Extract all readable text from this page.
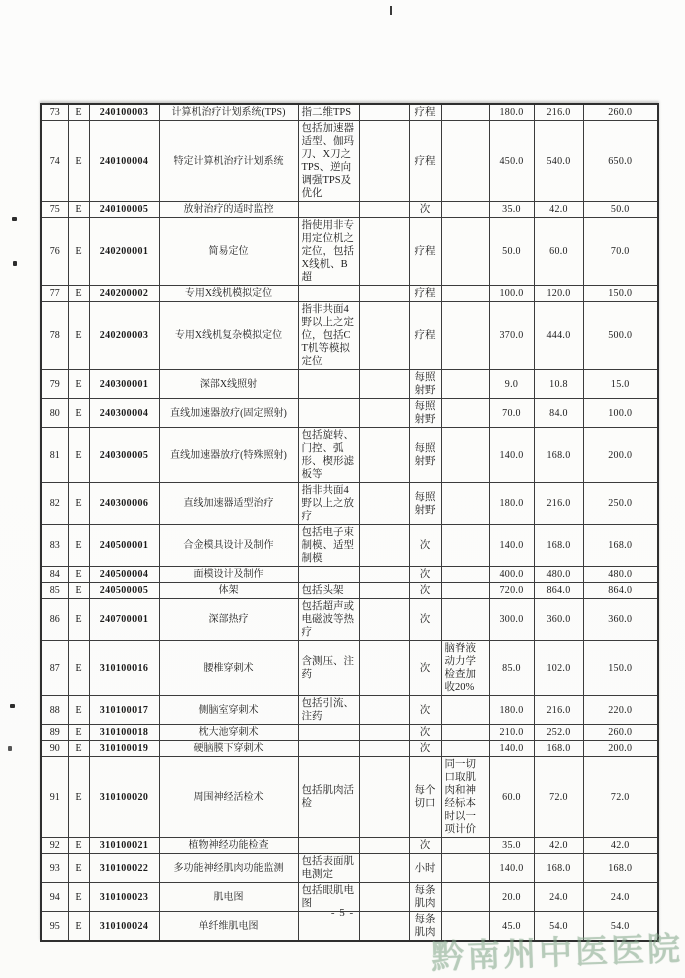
73	E	240100003	计算机治疗计划系统(TPS)	指二维TPS		疗程		180.0	216.0	260.0
74	E	240100004	特定计算机治疗计划系统	包括加速器适型、伽玛刀、X刀之TPS、逆向调强TPS及优化		疗程		450.0	540.0	650.0
75	E	240100005	放射治疗的适时监控			次		35.0	42.0	50.0
76	E	240200001	简易定位	指使用非专用定位机之定位，包括X线机、B超		疗程		50.0	60.0	70.0
77	E	240200002	专用X线机模拟定位			疗程		100.0	120.0	150.0
78	E	240200003	专用X线机复杂模拟定位	指非共面4野以上之定位，包括CT机等模拟定位		疗程		370.0	444.0	500.0
79	E	240300001	深部X线照射			每照射野		9.0	10.8	15.0
80	E	240300004	直线加速器放疗(固定照射)			每照射野		70.0	84.0	100.0
81	E	240300005	直线加速器放疗(特殊照射)	包括旋转、门控、弧形、楔形滤板等		每照射野		140.0	168.0	200.0
82	E	240300006	直线加速器适型治疗	指非共面4野以上之放疗		每照射野		180.0	216.0	250.0
83	E	240500001	合金模具设计及制作	包括电子束制模、适型制模		次		140.0	168.0	168.0
84	E	240500004	面模设计及制作			次		400.0	480.0	480.0
85	E	240500005	体架	包括头架		次		720.0	864.0	864.0
86	E	240700001	深部热疗	包括超声或电磁波等热疗		次		300.0	360.0	360.0
87	E	310100016	腰椎穿刺术	含测压、注药		次	脑脊液动力学检查加收20%	85.0	102.0	150.0
88	E	310100017	侧脑室穿刺术	包括引流、注药		次		180.0	216.0	220.0
89	E	310100018	枕大池穿刺术			次		210.0	252.0	260.0
90	E	310100019	硬脑膜下穿刺术			次		140.0	168.0	200.0
91	E	310100020	周围神经活检术	包括肌肉活检		每个切口	同一切口取肌肉和神经标本时以一项计价	60.0	72.0	72.0
92	E	310100021	植物神经功能检查			次		35.0	42.0	42.0
93	E	310100022	多功能神经肌肉功能监测	包括表面肌电测定		小时		140.0	168.0	168.0
94	E	310100023	肌电图	包括眼肌电图		每条肌肉		20.0	24.0	24.0
95	E	310100024	单纤维肌电图			每条肌肉		45.0	54.0	54.0
- 5 -
黔南州中医医院
